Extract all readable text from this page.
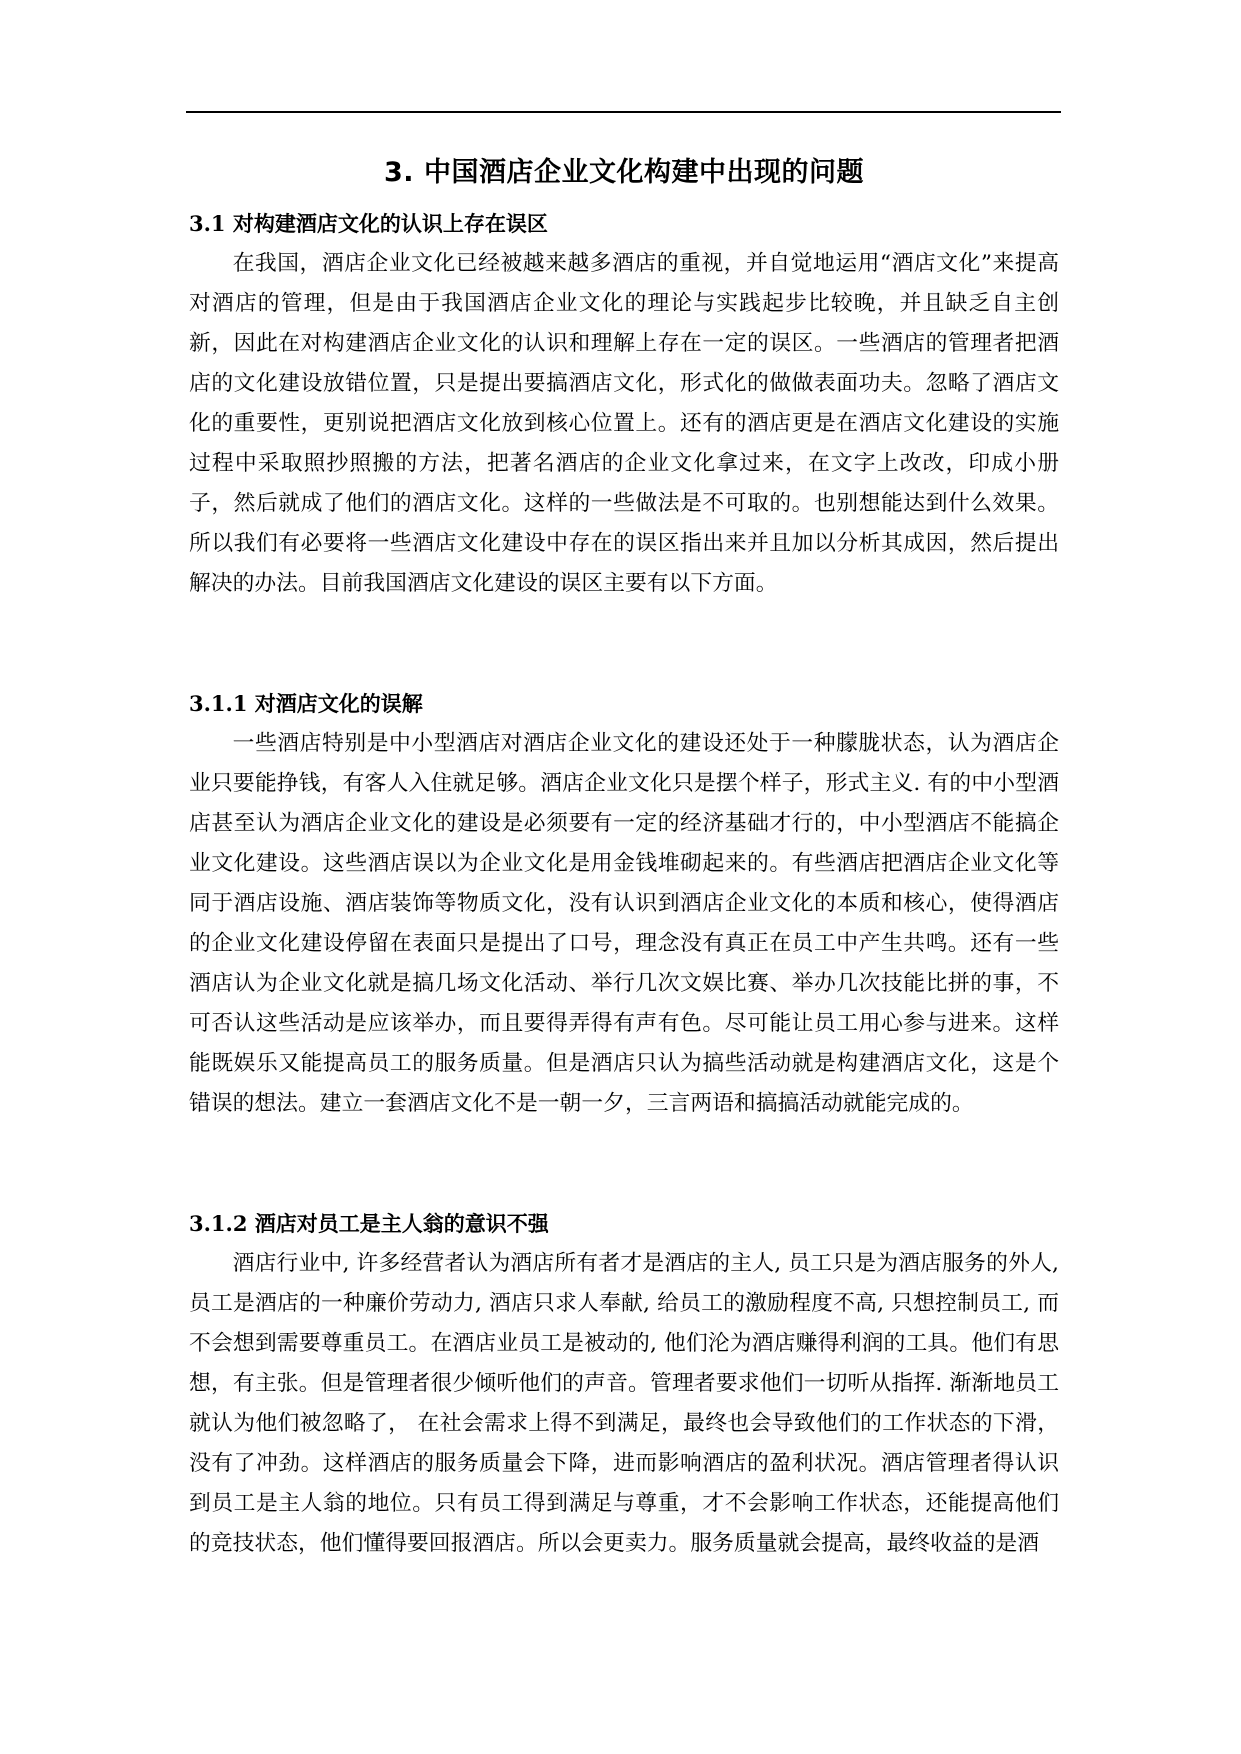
3. 中国酒店企业文化构建中出现的问题
3.1 对构建酒店文化的认识上存在误区

在我国，酒店企业文化已经被越来越多酒店的重视，并自觉地运用“酒店文化”来提高对酒店的管理，但是由于我国酒店企业文化的理论与实践起步比较晚，并且缺乏自主创新，因此在对构建酒店企业文化的认识和理解上存在一定的误区。一些酒店的管理者把酒店的文化建设放错位置，只是提出要搞酒店文化，形式化的做做表面功夫。忽略了酒店文化的重要性，更别说把酒店文化放到核心位置上。还有的酒店更是在酒店文化建设的实施过程中采取照抄照搬的方法，把著名酒店的企业文化拿过来，在文字上改改，印成小册子，然后就成了他们的酒店文化。这样的一些做法是不可取的。也别想能达到什么效果。所以我们有必要将一些酒店文化建设中存在的误区指出来并且加以分析其成因，然后提出解决的办法。目前我国酒店文化建设的误区主要有以下方面。

3.1.1 对酒店文化的误解

一些酒店特别是中小型酒店对酒店企业文化的建设还处于一种朦胧状态，认为酒店企业只要能挣钱，有客人入住就足够。酒店企业文化只是摆个样子，形式主义. 有的中小型酒店甚至认为酒店企业文化的建设是必须要有一定的经济基础才行的，中小型酒店不能搞企业文化建设。这些酒店误以为企业文化是用金钱堆砌起来的。有些酒店把酒店企业文化等同于酒店设施、酒店装饰等物质文化，没有认识到酒店企业文化的本质和核心，使得酒店的企业文化建设停留在表面只是提出了口号，理念没有真正在员工中产生共鸣。还有一些酒店认为企业文化就是搞几场文化活动、举行几次文娱比赛、举办几次技能比拼的事，不可否认这些活动是应该举办，而且要得弄得有声有色。尽可能让员工用心参与进来。这样能既娱乐又能提高员工的服务质量。但是酒店只认为搞些活动就是构建酒店文化，这是个错误的想法。建立一套酒店文化不是一朝一夕，三言两语和搞搞活动就能完成的。

3.1.2 酒店对员工是主人翁的意识不强

酒店行业中, 许多经营者认为酒店所有者才是酒店的主人, 员工只是为酒店服务的外人, 员工是酒店的一种廉价劳动力, 酒店只求人奉献, 给员工的激励程度不高, 只想控制员工, 而不会想到需要尊重员工。在酒店业员工是被动的, 他们沦为酒店赚得利润的工具。他们有思想，有主张。但是管理者很少倾听他们的声音。管理者要求他们一切听从指挥. 渐渐地员工就认为他们被忽略了， 在社会需求上得不到满足，最终也会导致他们的工作状态的下滑，没有了冲劲。这样酒店的服务质量会下降，进而影响酒店的盈利状况。酒店管理者得认识到员工是主人翁的地位。只有员工得到满足与尊重，才不会影响工作状态，还能提高他们的竞技状态，他们懂得要回报酒店。所以会更卖力。服务质量就会提高，最终收益的是酒
